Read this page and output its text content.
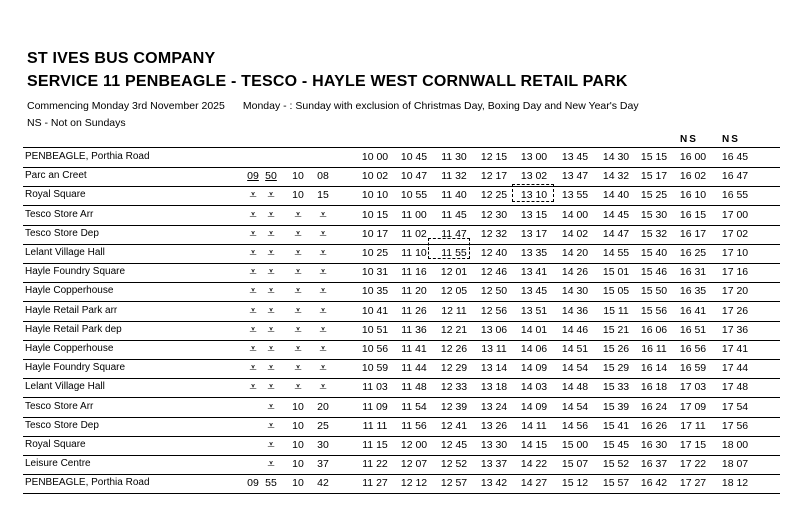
ST IVES BUS COMPANY
SERVICE 11 PENBEAGLE - TESCO - HAYLE WEST CORNWALL RETAIL PARK
Commencing Monday 3rd November 2025 Monday - : Sunday with exclusion of Christmas Day, Boxing Day and New Year's Day
NS - Not on Sundays
NS NS
PENBEAGLE, Porthia Road	10 00	10 45	11 30	12 15	13 00	13 45	14 30	15 15	16 00	16 45
Parc an Creet	09 50	10	08	10 02	10 47	11 32	12 17	13 02	13 47	14 32	15 17	16 02	16 47
Royal Square	⩡ ⩡	10	15	10 10	10 55	11 40	12 25	13 10	13 55	14 40	15 25	16 10	16 55
Tesco Store Arr	⩡ ⩡	⩡	⩡	10 15	11 00	11 45	12 30	13 15	14 00	14 45	15 30	16 15	17 00
Tesco Store Dep	⩡ ⩡	⩡	⩡	10 17	11 02	11 47	12 32	13 17	14 02	14 47	15 32	16 17	17 02
Lelant Village Hall	⩡ ⩡	⩡	⩡	10 25	11 10	11 55	12 40	13 35	14 20	14 55	15 40	16 25	17 10
Hayle Foundry Square	⩡ ⩡	⩡	⩡	10 31	11 16	12 01	12 46	13 41	14 26	15 01	15 46	16 31	17 16
Hayle Copperhouse	⩡ ⩡	⩡	⩡	10 35	11 20	12 05	12 50	13 45	14 30	15 05	15 50	16 35	17 20
Hayle Retail Park arr	⩡ ⩡	⩡	⩡	10 41	11 26	12 11	12 56	13 51	14 36	15 11	15 56	16 41	17 26
Hayle Retail Park dep	⩡ ⩡	⩡	⩡	10 51	11 36	12 21	13 06	14 01	14 46	15 21	16 06	16 51	17 36
Hayle Copperhouse	⩡ ⩡	⩡	⩡	10 56	11 41	12 26	13 11	14 06	14 51	15 26	16 11	16 56	17 41
Hayle Foundry Square	⩡ ⩡	⩡	⩡	10 59	11 44	12 29	13 14	14 09	14 54	15 29	16 14	16 59	17 44
Lelant Village Hall	⩡ ⩡	⩡	⩡	11 03	11 48	12 33	13 18	14 03	14 48	15 33	16 18	17 03	17 48
Tesco Store Arr	⩡	10	20	11 09	11 54	12 39	13 24	14 09	14 54	15 39	16 24	17 09	17 54
Tesco Store Dep	⩡	10	25	11 11	11 56	12 41	13 26	14 11	14 56	15 41	16 26	17 11	17 56
Royal Square	⩡	10	30	11 15	12 00	12 45	13 30	14 15	15 00	15 45	16 30	17 15	18 00
Leisure Centre	⩡	10	37	11 22	12 07	12 52	13 37	14 22	15 07	15 52	16 37	17 22	18 07
PENBEAGLE, Porthia Road	09 55	10	42	11 27	12 12	12 57	13 42	14 27	15 12	15 57	16 42	17 27	18 12
